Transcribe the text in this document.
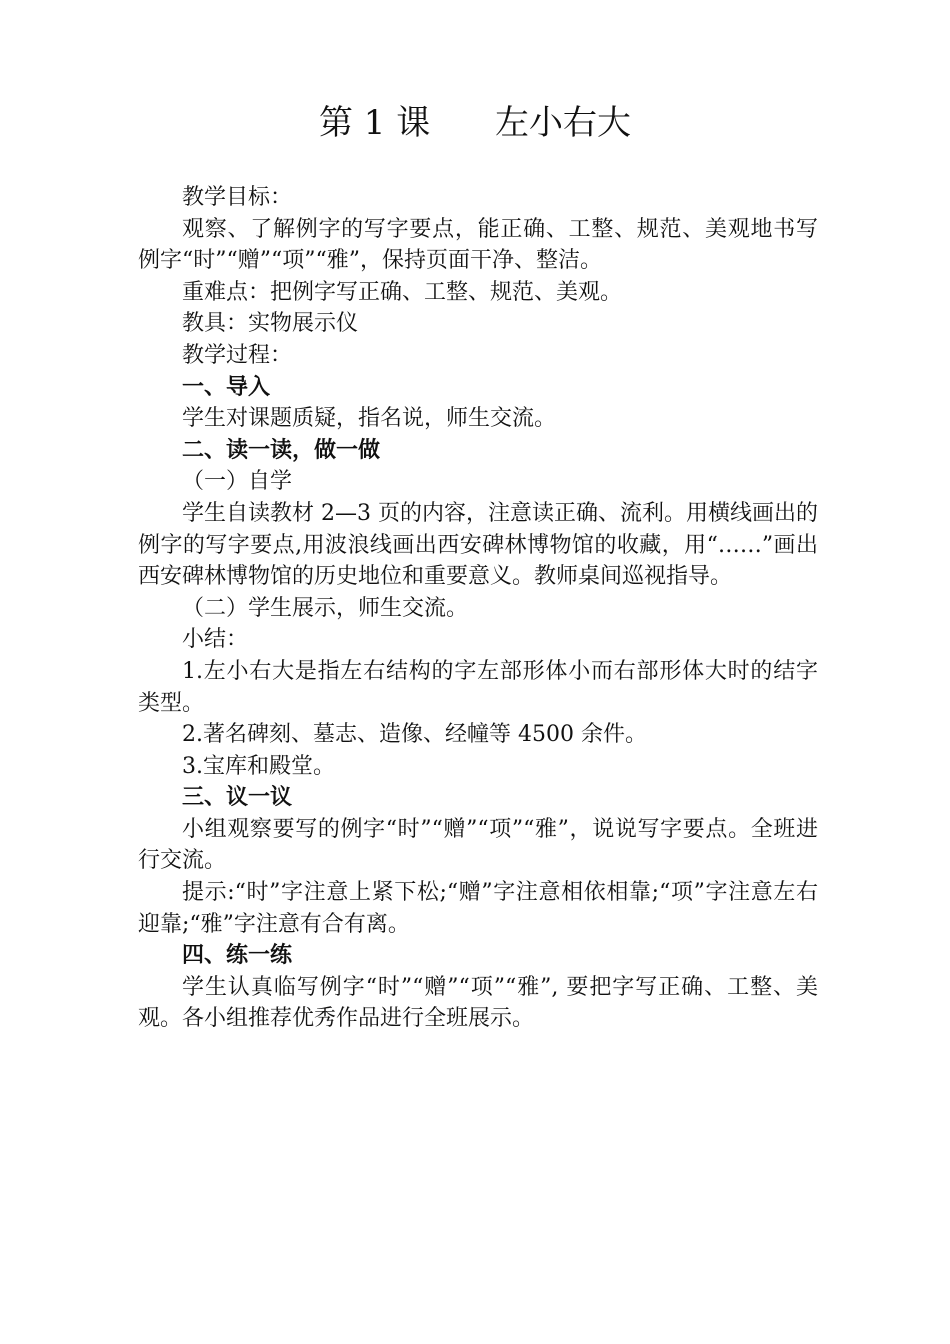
第 1 课      左小右大

教学目标：

观察、了解例字的写字要点，能正确、工整、规范、美观地书写例字“时”“赠”“项”“雅”，保持页面干净、整洁。

重难点：把例字写正确、工整、规范、美观。

教具：实物展示仪

教学过程：

一、导入

学生对课题质疑，指名说，师生交流。

二、读一读，做一做

（一）自学

学生自读教材 2—3 页的内容，注意读正确、流利。用横线画出的例字的写字要点,用波浪线画出西安碑林博物馆的收藏，用“……”画出西安碑林博物馆的历史地位和重要意义。教师桌间巡视指导。

（二）学生展示，师生交流。

小结：

1.左小右大是指左右结构的字左部形体小而右部形体大时的结字类型。

2.著名碑刻、墓志、造像、经幢等 4500 余件。

3.宝库和殿堂。

三、议一议

小组观察要写的例字“时”“赠”“项”“雅”，说说写字要点。全班进行交流。

提示:“时”字注意上紧下松;“赠”字注意相依相靠;“项”字注意左右迎靠;“雅”字注意有合有离。

四、练一练

学生认真临写例字“时”“赠”“项”“雅”, 要把字写正确、工整、美观。各小组推荐优秀作品进行全班展示。
